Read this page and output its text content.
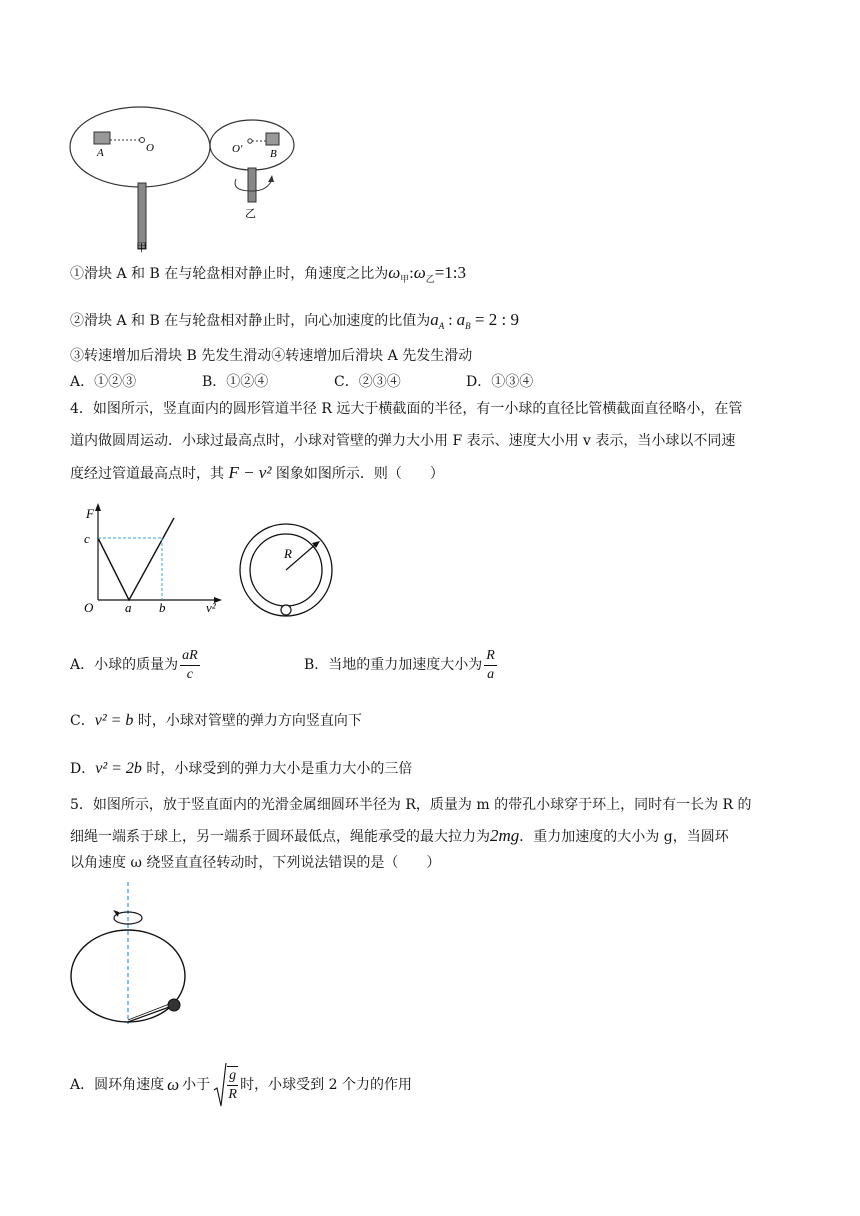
A	O	O′	B
甲
乙
①滑块 A 和 B 在与轮盘相对静止时，角速度之比为$\omega_甲:\omega_乙=1:3$
②滑块 A 和 B 在与轮盘相对静止时，向心加速度的比值为$a_A$ : $a_B = 2$ : 9
③转速增加后滑块 B 先发生滑动④转速增加后滑块 A 先发生滑动
A．①②③	B．①②④	C．②③④	D．①③④
4．如图所示，竖直面内的圆形管道半径 R 远大于横截面的半径，有一小球的直径比管横截面直径略小，在管
道内做圆周运动．小球过最高点时，小球对管壁的弹力大小用 F 表示、速度大小用 v 表示，当小球以不同速
度经过管道最高点时，其 F − v² 图象如图所示．则（　　）
F
c
O a b	v²
R
A．小球的质量为 $\frac{aR}{c}$	B．当地的重力加速度大小为 $\frac{R}{a}$
C．v² = b 时，小球对管壁的弹力方向竖直向下
D．v² = 2b 时，小球受到的弹力大小是重力大小的三倍
5．如图所示，放于竖直面内的光滑金属细圆环半径为 R，质量为 m 的带孔小球穿于环上，同时有一长为 R 的
细绳一端系于球上，另一端系于圆环最低点，绳能承受的最大拉力为2mg．重力加速度的大小为 g，当圆环
以角速度 ω 绕竖直直径转动时，下列说法错误的是（　　）
A．圆环角速度 ω 小于 $\frac{g}{R}$ 时，小球受到 2 个力的作用
